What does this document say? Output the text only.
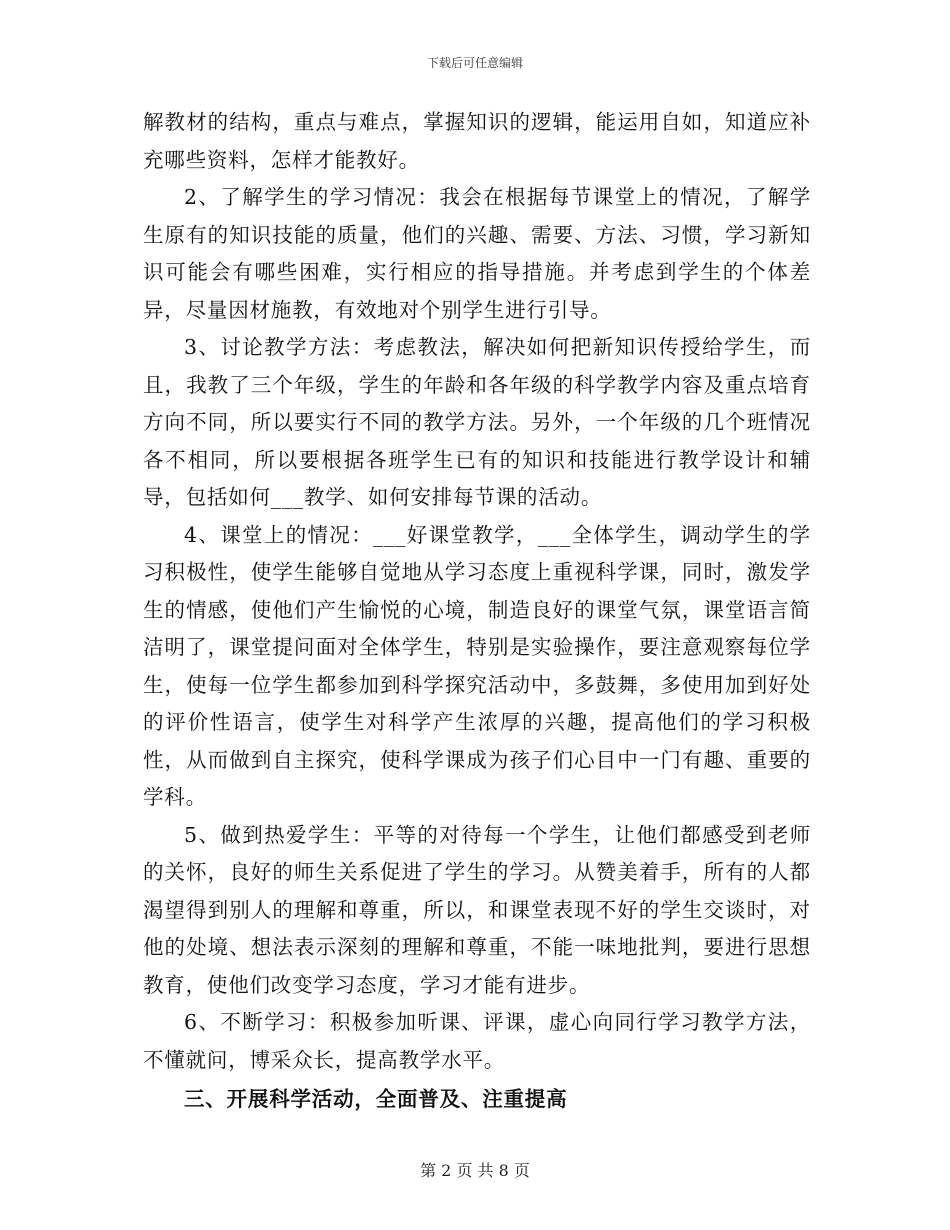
下载后可任意编辑

解教材的结构，重点与难点，掌握知识的逻辑，能运用自如，知道应补充哪些资料，怎样才能教好。

2、了解学生的学习情况：我会在根据每节课堂上的情况，了解学生原有的知识技能的质量，他们的兴趣、需要、方法、习惯，学习新知识可能会有哪些困难，实行相应的指导措施。并考虑到学生的个体差异，尽量因材施教，有效地对个别学生进行引导。

3、讨论教学方法：考虑教法，解决如何把新知识传授给学生，而且，我教了三个年级，学生的年龄和各年级的科学教学内容及重点培育方向不同，所以要实行不同的教学方法。另外，一个年级的几个班情况各不相同，所以要根据各班学生已有的知识和技能进行教学设计和辅导，包括如何___教学、如何安排每节课的活动。

4、课堂上的情况：___好课堂教学，___全体学生，调动学生的学习积极性，使学生能够自觉地从学习态度上重视科学课，同时，激发学生的情感，使他们产生愉悦的心境，制造良好的课堂气氛，课堂语言简洁明了，课堂提问面对全体学生，特别是实验操作，要注意观察每位学生，使每一位学生都参加到科学探究活动中，多鼓舞，多使用加到好处的评价性语言，使学生对科学产生浓厚的兴趣，提高他们的学习积极性，从而做到自主探究，使科学课成为孩子们心目中一门有趣、重要的学科。

5、做到热爱学生：平等的对待每一个学生，让他们都感受到老师的关怀，良好的师生关系促进了学生的学习。从赞美着手，所有的人都渴望得到别人的理解和尊重，所以，和课堂表现不好的学生交谈时，对他的处境、想法表示深刻的理解和尊重，不能一味地批判，要进行思想教育，使他们改变学习态度，学习才能有进步。

6、不断学习：积极参加听课、评课，虚心向同行学习教学方法，不懂就问，博采众长，提高教学水平。

三、开展科学活动，全面普及、注重提高

第 2 页 共 8 页
